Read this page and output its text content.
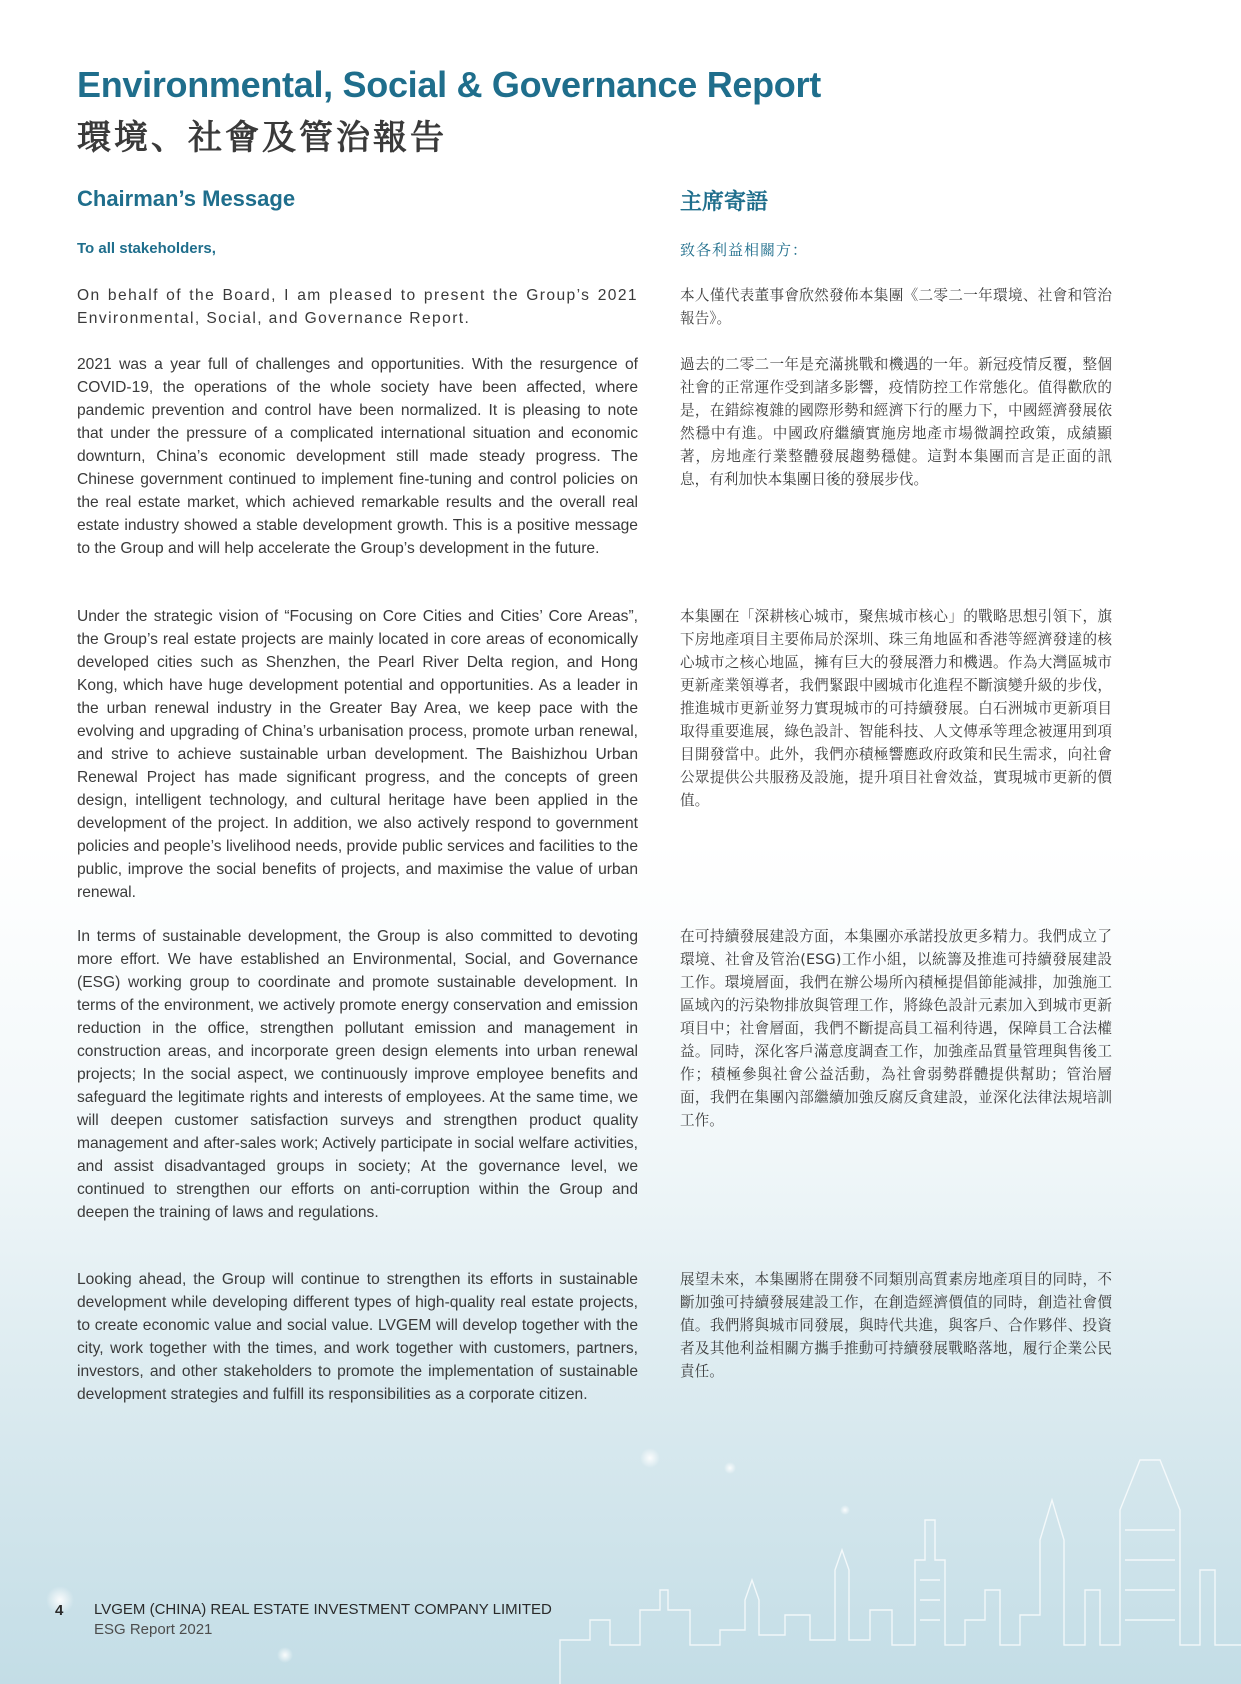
Environmental, Social & Governance Report
環境、社會及管治報告
Chairman’s Message	主席寄語

To all stakeholders,	致各利益相關方：

On behalf of the Board, I am pleased to present the Group’s 2021 Environmental, Social, and Governance Report.

2021 was a year full of challenges and opportunities. With the resurgence of COVID-19, the operations of the whole society have been affected, where pandemic prevention and control have been normalized. It is pleasing to note that under the pressure of a complicated international situation and economic downturn, China’s economic development still made steady progress. The Chinese government continued to implement fine-tuning and control policies on the real estate market, which achieved remarkable results and the overall real estate industry showed a stable development growth. This is a positive message to the Group and will help accelerate the Group’s development in the future.

Under the strategic vision of “Focusing on Core Cities and Cities’ Core Areas”, the Group’s real estate projects are mainly located in core areas of economically developed cities such as Shenzhen, the Pearl River Delta region, and Hong Kong, which have huge development potential and opportunities. As a leader in the urban renewal industry in the Greater Bay Area, we keep pace with the evolving and upgrading of China’s urbanisation process, promote urban renewal, and strive to achieve sustainable urban development. The Baishizhou Urban Renewal Project has made significant progress, and the concepts of green design, intelligent technology, and cultural heritage have been applied in the development of the project. In addition, we also actively respond to government policies and people’s livelihood needs, provide public services and facilities to the public, improve the social benefits of projects, and maximise the value of urban renewal.

In terms of sustainable development, the Group is also committed to devoting more effort. We have established an Environmental, Social, and Governance (ESG) working group to coordinate and promote sustainable development. In terms of the environment, we actively promote energy conservation and emission reduction in the office, strengthen pollutant emission and management in construction areas, and incorporate green design elements into urban renewal projects; In the social aspect, we continuously improve employee benefits and safeguard the legitimate rights and interests of employees. At the same time, we will deepen customer satisfaction surveys and strengthen product quality management and after-sales work; Actively participate in social welfare activities, and assist disadvantaged groups in society; At the governance level, we continued to strengthen our efforts on anti-corruption within the Group and deepen the training of laws and regulations.

Looking ahead, the Group will continue to strengthen its efforts in sustainable development while developing different types of high-quality real estate projects, to create economic value and social value. LVGEM will develop together with the city, work together with the times, and work together with customers, partners, investors, and other stakeholders to promote the implementation of sustainable development strategies and fulfill its responsibilities as a corporate citizen.

本人僅代表董事會欣然發佈本集團《二零二一年環境、社會和管治報告》。

過去的二零二一年是充滿挑戰和機遇的一年。新冠疫情反覆，整個社會的正常運作受到諸多影響，疫情防控工作常態化。值得歡欣的是，在錯綜複雜的國際形勢和經濟下行的壓力下，中國經濟發展依然穩中有進。中國政府繼續實施房地產市場微調控政策，成績顯著，房地產行業整體發展趨勢穩健。這對本集團而言是正面的訊息，有利加快本集團日後的發展步伐。

本集團在「深耕核心城市，聚焦城市核心」的戰略思想引領下，旗下房地產項目主要佈局於深圳、珠三角地區和香港等經濟發達的核心城市之核心地區，擁有巨大的發展潛力和機遇。作為大灣區城市更新產業領導者，我們緊跟中國城市化進程不斷演變升級的步伐，推進城市更新並努力實現城市的可持續發展。白石洲城市更新項目取得重要進展，綠色設計、智能科技、人文傳承等理念被運用到項目開發當中。此外，我們亦積極響應政府政策和民生需求，向社會公眾提供公共服務及設施，提升項目社會效益，實現城市更新的價值。

在可持續發展建設方面，本集團亦承諾投放更多精力。我們成立了環境、社會及管治(ESG)工作小組，以統籌及推進可持續發展建設工作。環境層面，我們在辦公場所內積極提倡節能減排，加強施工區域內的污染物排放與管理工作，將綠色設計元素加入到城市更新項目中；社會層面，我們不斷提高員工福利待遇，保障員工合法權益。同時，深化客戶滿意度調查工作，加強產品質量管理與售後工作；積極參與社會公益活動，為社會弱勢群體提供幫助；管治層面，我們在集團內部繼續加強反腐反貪建設，並深化法律法規培訓工作。

展望未來，本集團將在開發不同類別高質素房地產項目的同時，不斷加強可持續發展建設工作，在創造經濟價值的同時，創造社會價值。我們將與城市同發展，與時代共進，與客戶、合作夥伴、投資者及其他利益相關方攜手推動可持續發展戰略落地，履行企業公民責任。

4 LVGEM (CHINA) REAL ESTATE INVESTMENT COMPANY LIMITED

ESG Report 2021
